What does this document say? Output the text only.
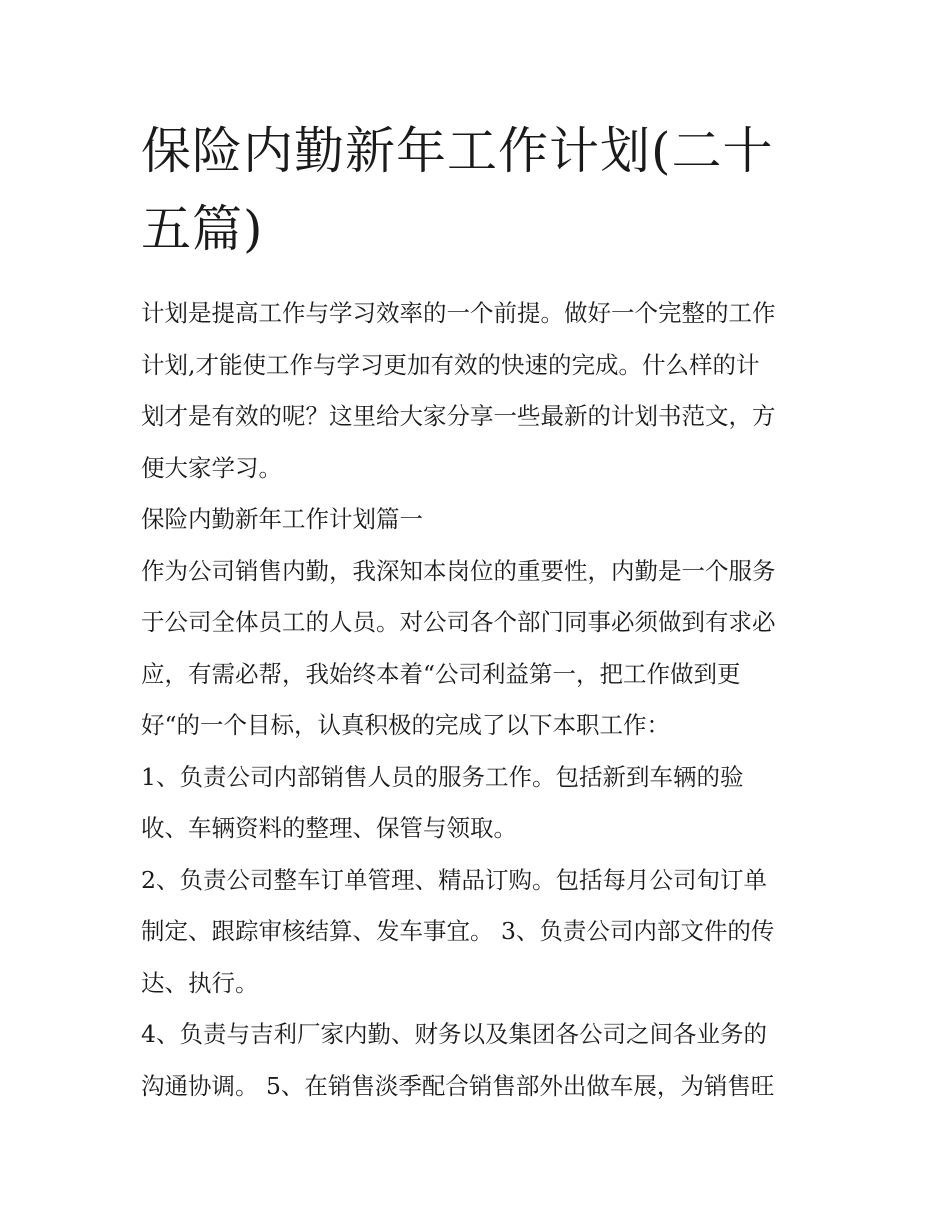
保险内勤新年工作计划(二十五篇)

计划是提高工作与学习效率的一个前提。做好一个完整的工作
计划,才能使工作与学习更加有效的快速的完成。什么样的计
划才是有效的呢？这里给大家分享一些最新的计划书范文，方
便大家学习。

保险内勤新年工作计划篇一

作为公司销售内勤，我深知本岗位的重要性，内勤是一个服务
于公司全体员工的人员。对公司各个部门同事必须做到有求必
应，有需必帮，我始终本着“公司利益第一，把工作做到更
好“的一个目标，认真积极的完成了以下本职工作：

1、负责公司内部销售人员的服务工作。包括新到车辆的验
收、车辆资料的整理、保管与领取。

2、负责公司整车订单管理、精品订购。包括每月公司旬订单
制定、跟踪审核结算、发车事宜。 3、负责公司内部文件的传
达、执行。

4、负责与吉利厂家内勤、财务以及集团各公司之间各业务的
沟通协调。 5、在销售淡季配合销售部外出做车展，为销售旺
